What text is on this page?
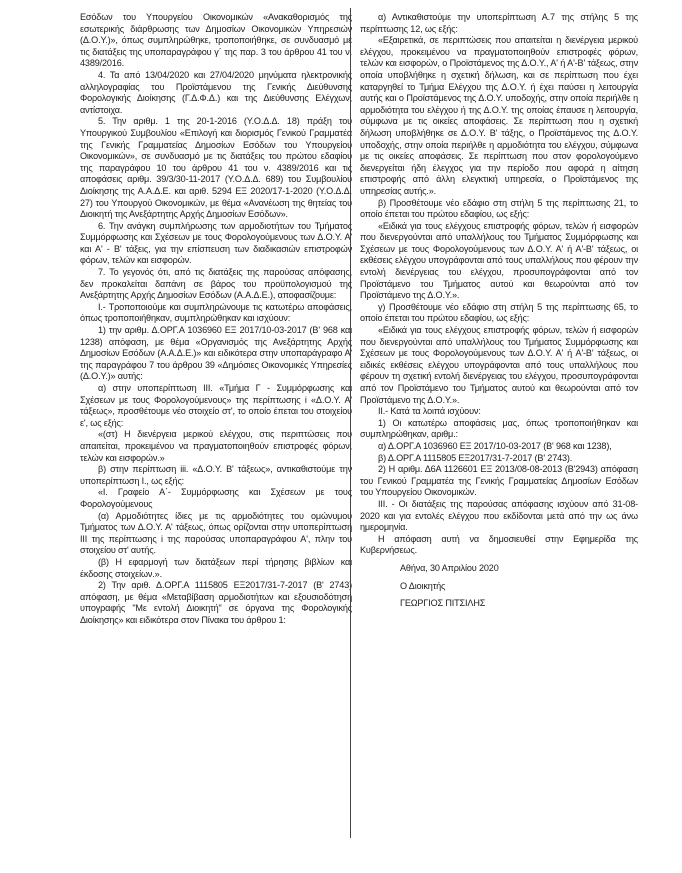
Εσόδων του Υπουργείου Οικονομικών «Ανακαθορισμός της εσωτερικής διάρθρωσης των Δημοσίων Οικονομικών Υπηρεσιών (Δ.Ο.Υ.)», όπως συμπληρώθηκε, τροποποιήθηκε, σε συνδυασμό με τις διατάξεις της υποπαραγράφου γ΄ της παρ. 3 του άρθρου 41 του ν. 4389/2016.

4. Τα από 13/04/2020 και 27/04/2020 μηνύματα ηλεκτρονικής αλληλογραφίας του Προϊστάμενου της Γενικής Διεύθυνσης Φορολογικής Διοίκησης (Γ.Δ.Φ.Δ.) και της Διεύθυνσης Ελέγχων, αντίστοιχα.

5. Την αριθμ. 1 της 20-1-2016 (Υ.Ο.Δ.Δ. 18) πράξη του Υπουργικού Συμβουλίου «Επιλογή και διορισμός Γενικού Γραμματέα της Γενικής Γραμματείας Δημοσίων Εσόδων του Υπουργείου Οικονομικών», σε συνδυασμό με τις διατάξεις του πρώτου εδαφίου της παραγράφου 10 του άρθρου 41 του ν. 4389/2016 και τις αποφάσεις αριθμ. 39/3/30-11-2017 (Υ.Ο.Δ.Δ. 689) του Συμβουλίου Διοίκησης της Α.Α.Δ.Ε. και αριθ. 5294 ΕΞ 2020/17-1-2020 (Υ.Ο.Δ.Δ. 27) του Υπουργού Οικονομικών, με θέμα «Ανανέωση της θητείας του Διοικητή της Ανεξάρτητης Αρχής Δημοσίων Εσόδων».

6. Την ανάγκη συμπλήρωσης των αρμοδιοτήτων του Τμήματος Συμμόρφωσης και Σχέσεων με τους Φορολογούμενους των Δ.Ο.Υ. Α' και Α' - Β' τάξεις, για την επίσπευση των διαδικασιών επιστροφών φόρων, τελών και εισφορών.

7. Το γεγονός ότι, από τις διατάξεις της παρούσας απόφασης, δεν προκαλείται δαπάνη σε βάρος του προϋπολογισμού της Ανεξάρτητης Αρχής Δημοσίων Εσόδων (Α.Α.Δ.Ε.), αποφασίζουμε:

I.- Τροποποιούμε και συμπληρώνουμε τις κατωτέρω αποφάσεις, όπως τροποποιήθηκαν, συμπληρώθηκαν και ισχύουν:

1) την αριθμ. Δ.ΟΡΓ.Α 1036960 ΕΞ 2017/10-03-2017 (Β' 968 και 1238) απόφαση, με θέμα «Οργανισμός της Ανεξάρτητης Αρχής Δημοσίων Εσόδων (Α.Α.Δ.Ε.)» και ειδικότερα στην υποπαράγραφο Α' της παραγράφου 7 του άρθρου 39 «Δημόσιες Οικονομικές Υπηρεσίες (Δ.Ο.Υ.)» αυτής:

α) στην υποπερίπτωση III. «Τμήμα Γ - Συμμόρφωσης και Σχέσεων με τους Φορολογούμενους» της περίπτωσης i «Δ.Ο.Υ. Α' τάξεως», προσθέτουμε νέο στοιχείο στ', το οποίο έπεται του στοιχείου ε', ως εξής:

«(στ) Η διενέργεια μερικού ελέγχου, στις περιπτώσεις που απαιτείται, προκειμένου να πραγματοποιηθούν επιστροφές φόρων, τελών και εισφορών.»

β) στην περίπτωση iii. «Δ.Ο.Υ. Β' τάξεως», αντικαθιστούμε την υποπερίπτωση I., ως εξής:

«I. Γραφείο Α΄- Συμμόρφωσης και Σχέσεων με τους Φορολογούμενους

(α) Αρμοδιότητες ίδιες με τις αρμοδιότητες του ομώνυμου Τμήματος των Δ.Ο.Υ. Α' τάξεως, όπως ορίζονται στην υποπερίπτωση III της περίπτωσης i της παρούσας υποπαραγράφου Α', πλην του στοιχείου στ' αυτής.

(β) Η εφαρμογή των διατάξεων περί τήρησης βιβλίων και έκδοσης στοιχείων.».

2) Την αριθ. Δ.ΟΡΓ.Α 1115805 ΕΞ2017/31-7-2017 (Β' 2743) απόφαση, με θέμα «Μεταβίβαση αρμοδιοτήτων και εξουσιοδότηση υπογραφής "Με εντολή Διοικητή" σε όργανα της Φορολογικής Διοίκησης» και ειδικότερα στον Πίνακα του άρθρου 1:

α) Αντικαθιστούμε την υποπερίπτωση Α.7 της στήλης 5 της περίπτωσης 12, ως εξής:

«Εξαιρετικά, σε περιπτώσεις που απαιτείται η διενέργεια μερικού ελέγχου, προκειμένου να πραγματοποιηθούν επιστροφές φόρων, τελών και εισφορών, ο Προϊστάμενος της Δ.Ο.Υ., Α' ή Α'-Β' τάξεως, στην οποία υποβλήθηκε η σχετική δήλωση, και σε περίπτωση που έχει καταργηθεί το Τμήμα Ελέγχου της Δ.Ο.Υ. ή έχει παύσει η λειτουργία αυτής και ο Προϊστάμενος της Δ.Ο.Υ. υποδοχής, στην οποία περιήλθε η αρμοδιότητα του ελέγχου ή της Δ.Ο.Υ. της οποίας έπαυσε η λειτουργία, σύμφωνα με τις οικείες αποφάσεις. Σε περίπτωση που η σχετική δήλωση υποβλήθηκε σε Δ.Ο.Υ. Β' τάξης, ο Προϊστάμενος της Δ.Ο.Υ. υποδοχής, στην οποία περιήλθε η αρμοδιότητα του ελέγχου, σύμφωνα με τις οικείες αποφάσεις. Σε περίπτωση που στον φορολογούμενο διενεργείται ήδη έλεγχος για την περίοδο που αφορά η αίτηση επιστροφής από άλλη ελεγκτική υπηρεσία, ο Προϊστάμενος της υπηρεσίας αυτής.».

β) Προσθέτουμε νέο εδάφιο στη στήλη 5 της περίπτωσης 21, το οποίο έπεται του πρώτου εδαφίου, ως εξής:

«Ειδικά για τους ελέγχους επιστροφής φόρων, τελών ή εισφορών που διενεργούνται από υπαλλήλους του Τμήματος Συμμόρφωσης και Σχέσεων με τους Φορολογούμενους των Δ.Ο.Υ. Α' ή Α'-Β' τάξεως, οι εκθέσεις ελέγχου υπογράφονται από τους υπαλλήλους που φέρουν την εντολή διενέργειας του ελέγχου, προσυπογράφονται από τον Προϊστάμενο του Τμήματος αυτού και θεωρούνται από τον Προϊστάμενο της Δ.Ο.Υ.».

γ) Προσθέτουμε νέο εδάφιο στη στήλη 5 της περίπτωσης 65, το οποίο έπεται του πρώτου εδαφίου, ως εξής:

«Ειδικά για τους ελέγχους επιστροφής φόρων, τελών ή εισφορών που διενεργούνται από υπαλλήλους του Τμήματος Συμμόρφωσης και Σχέσεων με τους Φορολογούμενους των Δ.Ο.Υ. Α' ή Α'-Β' τάξεως, οι ειδικές εκθέσεις ελέγχου υπογράφονται από τους υπαλλήλους που φέρουν τη σχετική εντολή διενέργειας του ελέγχου, προσυπογράφονται από τον Προϊστάμενο του Τμήματος αυτού και θεωρούνται από τον Προϊστάμενο της Δ.Ο.Υ.».

II.- Κατά τα λοιπά ισχύουν:

1) Οι κατωτέρω αποφάσεις μας, όπως τροποποιήθηκαν και συμπληρώθηκαν, αριθμ.:

α) Δ.ΟΡΓ.Α 1036960 ΕΞ 2017/10-03-2017 (Β' 968 και 1238),

β) Δ.ΟΡΓ.Α 1115805 ΕΞ2017/31-7-2017 (Β' 2743).

2) Η αριθμ. Δ6Α 1126601 ΕΞ 2013/08-08-2013 (Β'2943) απόφαση του Γενικού Γραμματέα της Γενικής Γραμματείας Δημοσίων Εσόδων του Υπουργείου Οικονομικών.

III. - Οι διατάξεις της παρούσας απόφασης ισχύουν από 31-08-2020 και για εντολές ελέγχου που εκδίδονται μετά από την ως άνω ημερομηνία.

Η απόφαση αυτή να δημοσιευθεί στην Εφημερίδα της Κυβερνήσεως.

Αθήνα, 30 Απριλίου 2020

Ο Διοικητής

ΓΕΩΡΓΙΟΣ ΠΙΤΣΙΛΗΣ
